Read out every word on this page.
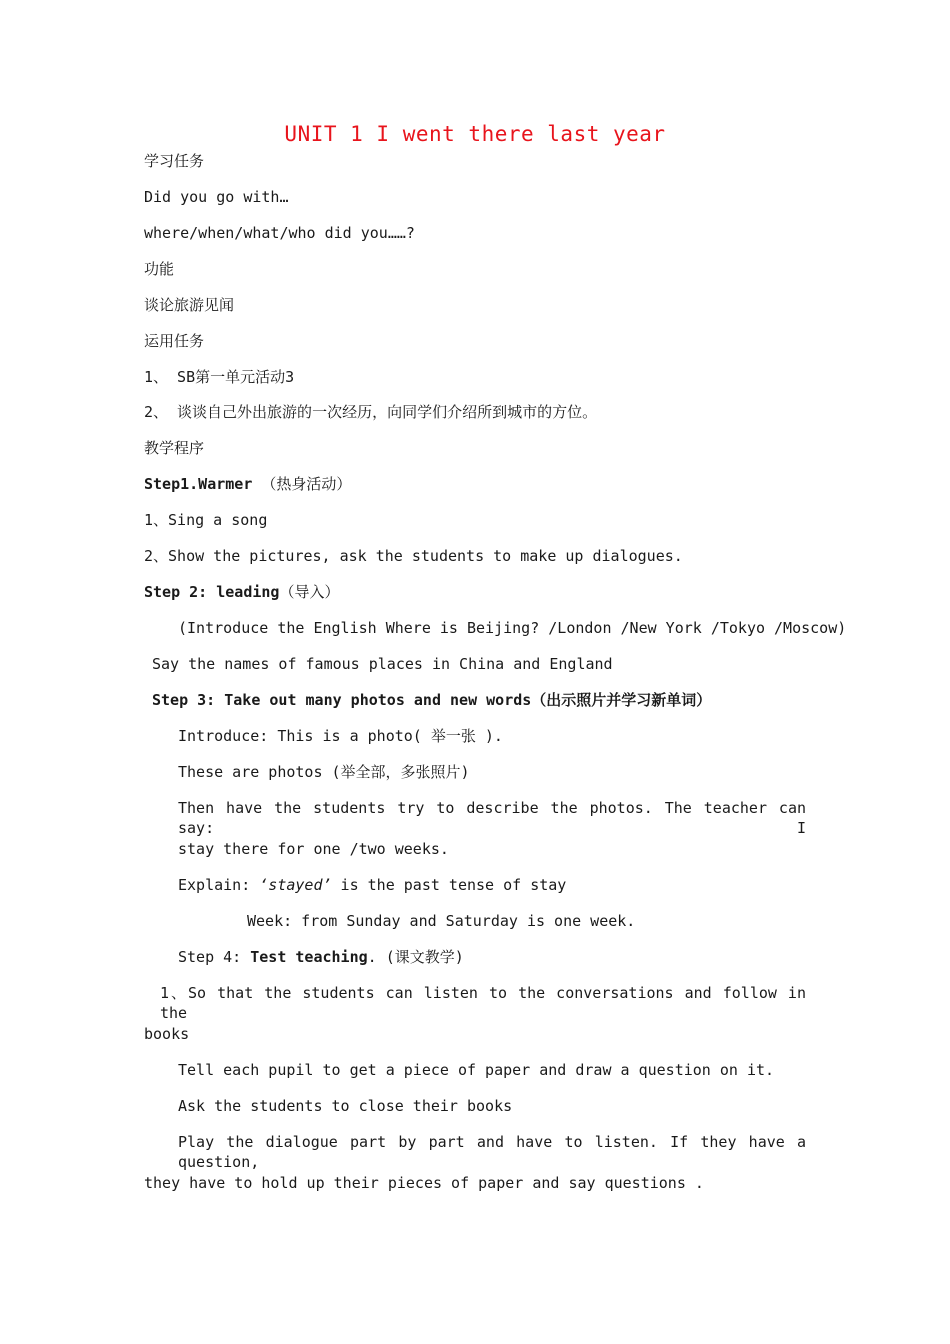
UNIT 1 I went there last year

学习任务

Did you go with…

where/when/what/who did you……?

功能

谈论旅游见闻

运用任务

1、 SB第一单元活动3

2、 谈谈自己外出旅游的一次经历，向同学们介绍所到城市的方位。

教学程序

Step1.Warmer （热身活动）

1、Sing a song

2、Show the pictures, ask the students to make up dialogues.

Step 2: leading（导入）

(Introduce the English Where is Beijing? /London /New York /Tokyo /Moscow)

Say the names of famous places in China and England

Step 3: Take out many photos and new words（出示照片并学习新单词）

Introduce: This is a photo( 举一张 ).

These are photos (举全部，多张照片)

Then have the students try to describe the photos. The teacher can say: I

stay there for one /two weeks.

Explain: ‘stayed’ is the past tense of stay

Week: from Sunday and Saturday is one week.

Step 4: Test teaching. (课文教学)

1、So that the students can listen to the conversations and follow in the

books

Tell each pupil to get a piece of paper and draw a question on it.

Ask the students to close their books

Play the dialogue part by part and have to listen. If they have a question,

they have to hold up their pieces of paper and say questions .
